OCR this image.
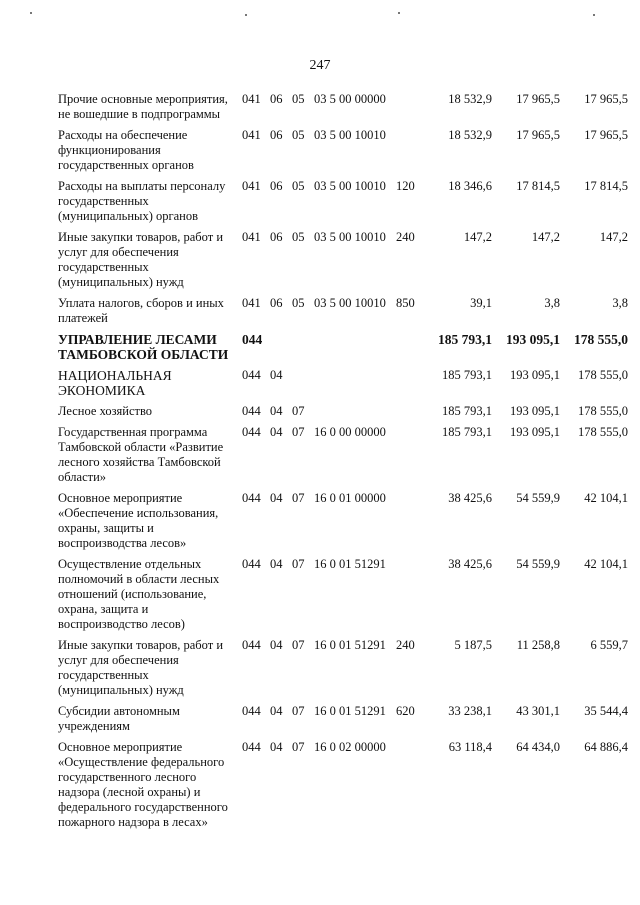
247
Прочие основные мероприятия, не вошедшие в подпрограммы	041	06	05	03 5 00 00000		18 532,9	17 965,5	17 965,5
Расходы на обеспечение функционирования государственных органов	041	06	05	03 5 00 10010		18 532,9	17 965,5	17 965,5
Расходы на выплаты персоналу государственных (муниципальных) органов	041	06	05	03 5 00 10010	120	18 346,6	17 814,5	17 814,5
Иные закупки товаров, работ и услуг для обеспечения государственных (муниципальных) нужд	041	06	05	03 5 00 10010	240	147,2	147,2	147,2
Уплата налогов, сборов и иных платежей	041	06	05	03 5 00 10010	850	39,1	3,8	3,8
УПРАВЛЕНИЕ ЛЕСАМИ ТАМБОВСКОЙ ОБЛАСТИ	044					185 793,1	193 095,1	178 555,0
НАЦИОНАЛЬНАЯ ЭКОНОМИКА	044	04				185 793,1	193 095,1	178 555,0
Лесное хозяйство	044	04	07			185 793,1	193 095,1	178 555,0
Государственная программа Тамбовской области «Развитие лесного хозяйства Тамбовской области»	044	04	07	16 0 00 00000		185 793,1	193 095,1	178 555,0
Основное мероприятие «Обеспечение использования, охраны, защиты и воспроизводства лесов»	044	04	07	16 0 01 00000		38 425,6	54 559,9	42 104,1
Осуществление отдельных полномочий в области лесных отношений (использование, охрана, защита и воспроизводство лесов)	044	04	07	16 0 01 51291		38 425,6	54 559,9	42 104,1
Иные закупки товаров, работ и услуг для обеспечения государственных (муниципальных) нужд	044	04	07	16 0 01 51291	240	5 187,5	11 258,8	6 559,7
Субсидии автономным учреждениям	044	04	07	16 0 01 51291	620	33 238,1	43 301,1	35 544,4
Основное мероприятие «Осуществление федерального государственного лесного надзора (лесной охраны) и федерального государственного пожарного надзора в лесах»	044	04	07	16 0 02 00000		63 118,4	64 434,0	64 886,4
